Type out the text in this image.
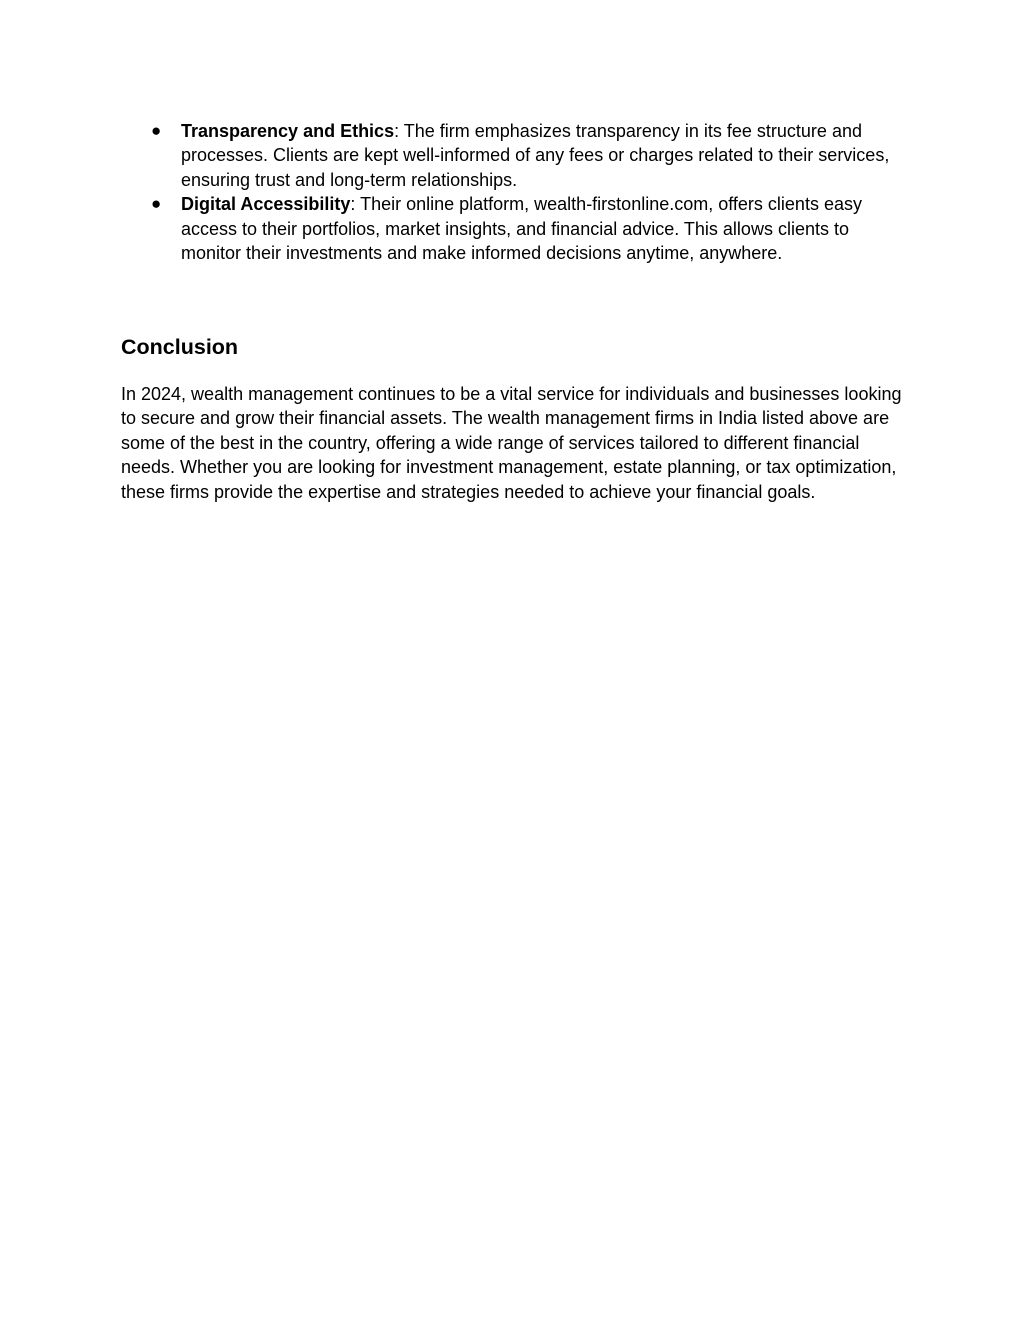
● Transparency and Ethics: The firm emphasizes transparency in its fee structure and processes. Clients are kept well-informed of any fees or charges related to their services, ensuring trust and long-term relationships.
● Digital Accessibility: Their online platform, wealth-firstonline.com, offers clients easy access to their portfolios, market insights, and financial advice. This allows clients to monitor their investments and make informed decisions anytime, anywhere.
Conclusion

In 2024, wealth management continues to be a vital service for individuals and businesses looking to secure and grow their financial assets. The wealth management firms in India listed above are some of the best in the country, offering a wide range of services tailored to different financial needs. Whether you are looking for investment management, estate planning, or tax optimization, these firms provide the expertise and strategies needed to achieve your financial goals.
